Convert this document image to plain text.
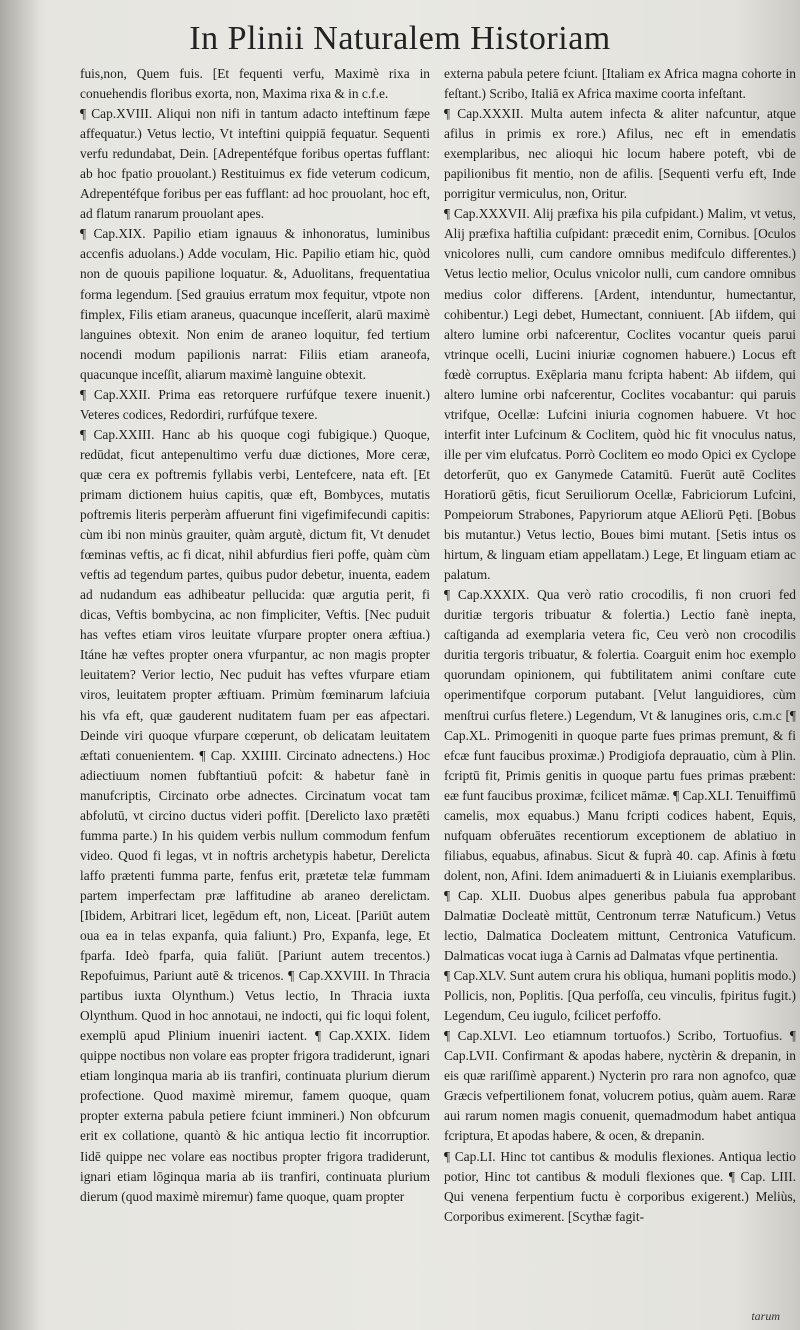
In Plinii Naturalem Historiam

fuis,non, Quem fuis. [Et fequenti verfu, Maximè rixa in conuehendis floribus exorta, non, Maxima rixa & in c.f.e.

¶ Cap.XVIII. Aliqui non nifi in tantum adacto inteftinum fæpe affequatur.) Vetus lectio, Vt inteftini quippiā fequatur. Sequenti verfu redundabat, Dein. [Adrepentéfque foribus opertas fufflant: ab hoc fpatio prouolant.) Restituimus ex fide veterum codicum, Adrepentéfque foribus per eas fufflant: ad hoc prouolant, hoc eft, ad flatum ranarum prouolant apes.

¶ Cap.XIX. Papilio etiam ignauus & inhonoratus, luminibus accenfis aduolans.) Adde voculam, Hic. Papilio etiam hic, quòd non de quouis papilione loquatur. &, Aduolitans, frequentatiua forma legendum. [Sed grauius erratum mox fequitur, vtpote non fimplex, Filis etiam araneus, quacunque inceſſerit, alarū maximè languines obtexit. Non enim de araneo loquitur, fed tertium nocendi modum papilionis narrat: Filiis etiam araneofa, quacunque inceſſit, aliarum maximè languine obtexit.

¶ Cap.XXII. Prima eas retorquere rurfúfque texere inuenit.) Veteres codices, Redordiri, rurfúfque texere.

¶ Cap.XXIII. Hanc ab his quoque cogi fubigique.) Quoque, redūdat, ficut antepenultimo verfu duæ dictiones, More ceræ, quæ cera ex poftremis fyllabis verbi, Lentefcere, nata eft. [Et primam dictionem huius capitis, quæ eft, Bombyces, mutatis poftremis literis perperàm affuerunt fini vigefimifecundi capitis: cùm ibi non minùs grauiter, quàm argutè, dictum fit, Vt denudet fœminas veftis, ac fi dicat, nihil abfurdius fieri poffe, quàm cùm veftis ad tegendum partes, quibus pudor debetur, inuenta, eadem ad nudandum eas adhibeatur pellucida: quæ argutia perit, fi dicas, Veftis bombycina, ac non fimpliciter, Veftis. [Nec puduit has veftes etiam viros leuitate vſurpare propter onera æftiua.) Itáne hæ veftes propter onera vfurpantur, ac non magis propter leuitatem? Verior lectio, Nec puduit has veftes vfurpare etiam viros, leuitatem propter æftiuam. Primùm fœminarum lafciuia his vfa eft, quæ gauderent nuditatem fuam per eas afpectari. Deinde viri quoque vfurpare cœperunt, ob delicatam leuitatem æftati conuenientem. ¶ Cap. XXIIII. Circinato adnectens.) Hoc adiectiuum nomen fubftantiuū pofcit: & habetur fanè in manufcriptis, Circinato orbe adnectes. Circinatum vocat tam abfolutū, vt circino ductus videri poffit. [Derelicto laxo prætēti fumma parte.) In his quidem verbis nullum commodum fenfum video. Quod fi legas, vt in noftris archetypis habetur, Derelicta laffo prætenti fumma parte, fenfus erit, prætetæ telæ fummam partem imperfectam præ laffitudine ab araneo derelictam. [Ibidem, Arbitrari licet, legēdum eft, non, Liceat. [Pariūt autem oua ea in telas expanfa, quia faliunt.) Pro, Expanfa, lege, Et fparfa. Ideò fparfa, quia faliūt. [Pariunt autem trecentos.) Repofuimus, Pariunt autē & tricenos. ¶ Cap.XXVIII. In Thracia partibus iuxta Olynthum.) Vetus lectio, In Thracia iuxta Olynthum. Quod in hoc annotaui, ne indocti, qui fic loqui folent, exemplū apud Plinium inueniri iactent. ¶ Cap.XXIX. Iidem quippe noctibus non volare eas propter frigora tradiderunt, ignari etiam longinqua maria ab iis tranfiri, continuata plurium dierum profectione. Quod maximè miremur, famem quoque, quam propter externa pabula petiere fciunt immineri.) Non obfcurum erit ex collatione, quantò & hic antiqua lectio fit incorruptior. Iidē quippe nec volare eas noctibus propter frigora tradiderunt, ignari etiam lōginqua maria ab iis tranfiri, continuata plurium dierum (quod maximè miremur) fame quoque, quam propter

externa pabula petere fciunt. [Italiam ex Africa magna cohorte in feſtant.) Scribo, Italiā ex Africa maxime coorta infeſtant.

¶ Cap.XXXII. Multa autem infecta & aliter nafcuntur, atque afilus in primis ex rore.) Afilus, nec eft in emendatis exemplaribus, nec alioqui hic locum habere poteft, vbi de papilionibus fit mentio, non de afilis. [Sequenti verfu eft, Inde porrigitur vermiculus, non, Oritur.

¶ Cap.XXXVII. Alij præfixa his pila cufpidant.) Malim, vt vetus, Alij præfixa haftilia cuſpidant: præcedit enim, Cornibus. [Oculos vnicolores nulli, cum candore omnibus medifculo differentes.) Vetus lectio melior, Oculus vnicolor nulli, cum candore omnibus medius color differens. [Ardent, intenduntur, humectantur, cohibentur.) Legi debet, Humectant, conniuent. [Ab iifdem, qui altero lumine orbi nafcerentur, Coclites vocantur queis parui vtrinque ocelli, Lucini iniuriæ cognomen habuere.) Locus eft fœdè corruptus. Exēplaria manu fcripta habent: Ab iifdem, qui altero lumine orbi nafcerentur, Coclites vocabantur: qui paruis vtrifque, Ocellæ: Lufcini iniuria cognomen habuere. Vt hoc interfit inter Lufcinum & Coclitem, quòd hic fit vnoculus natus, ille per vim elufcatus. Porrò Coclitem eo modo Opici ex Cyclope detorferūt, quo ex Ganymede Catamitū. Fuerūt autē Coclites Horatiorū gētis, ficut Seruiliorum Ocellæ, Fabriciorum Lufcini, Pompeiorum Strabones, Papyriorum atque AEliorū Pęti. [Bobus bis mutantur.) Vetus lectio, Boues bimi mutant. [Setis intus os hirtum, & linguam etiam appellatam.) Lege, Et linguam etiam ac palatum.

¶ Cap.XXXIX. Qua verò ratio crocodilis, fi non cruori fed duritiæ tergoris tribuatur & folertia.) Lectio fanè inepta, caſtiganda ad exemplaria vetera fic, Ceu verò non crocodilis duritia tergoris tribuatur, & folertia. Coarguit enim hoc exemplo quorundam opinionem, qui fubtilitatem animi conſtare cute operimentifque corporum putabant. [Velut languidiores, cùm menſtrui curſus fletere.) Legendum, Vt & lanugines oris, c.m.c [¶ Cap.XL. Primogeniti in quoque parte fues primas premunt, & fi efcæ funt faucibus proximæ.) Prodigiofa deprauatio, cùm à Plin. fcriptū fit, Primis genitis in quoque partu fues primas præbent: eæ funt faucibus proximæ, fcilicet māmæ. ¶ Cap.XLI. Tenuiffimū camelis, mox equabus.) Manu fcripti codices habent, Equis, nufquam obferuātes recentiorum exceptionem de ablatiuo in filiabus, equabus, afinabus. Sicut & fuprà 40. cap. Afinis à fœtu dolent, non, Afini. Idem animaduerti & in Liuianis exemplaribus. ¶ Cap. XLII. Duobus alpes generibus pabula fua approbant Dalmatiæ Docleatè mittūt, Centronum terræ Natuficum.) Vetus lectio, Dalmatica Docleatem mittunt, Centronica Vatuficum. Dalmaticas vocat iuga à Carnis ad Dalmatas vfque pertinentia.

¶ Cap.XLV. Sunt autem crura his obliqua, humani poplitis modo.) Pollicis, non, Poplitis. [Qua perfoſſa, ceu vinculis, fpiritus fugit.) Legendum, Ceu iugulo, fcilicet perfoffo.

¶ Cap.XLVI. Leo etiamnum tortuofos.) Scribo, Tortuofius. ¶ Cap.LVII. Confirmant & apodas habere, nyctèrin & drepanin, in eis quæ rariſſimè apparent.) Nycterin pro rara non agnofco, quæ Græcis vefpertilionem fonat, volucrem potius, quàm auem. Raræ aui rarum nomen magis conuenit, quemadmodum habet antiqua fcriptura, Et apodas habere, & ocen, & drepanin.

¶ Cap.LI. Hinc tot cantibus & modulis flexiones. Antiqua lectio potior, Hinc tot cantibus & moduli flexiones que. ¶ Cap. LIII. Qui venena ferpentium fuctu è corporibus exigerent.) Meliùs, Corporibus eximerent. [Scythæ fagit-

tarum
